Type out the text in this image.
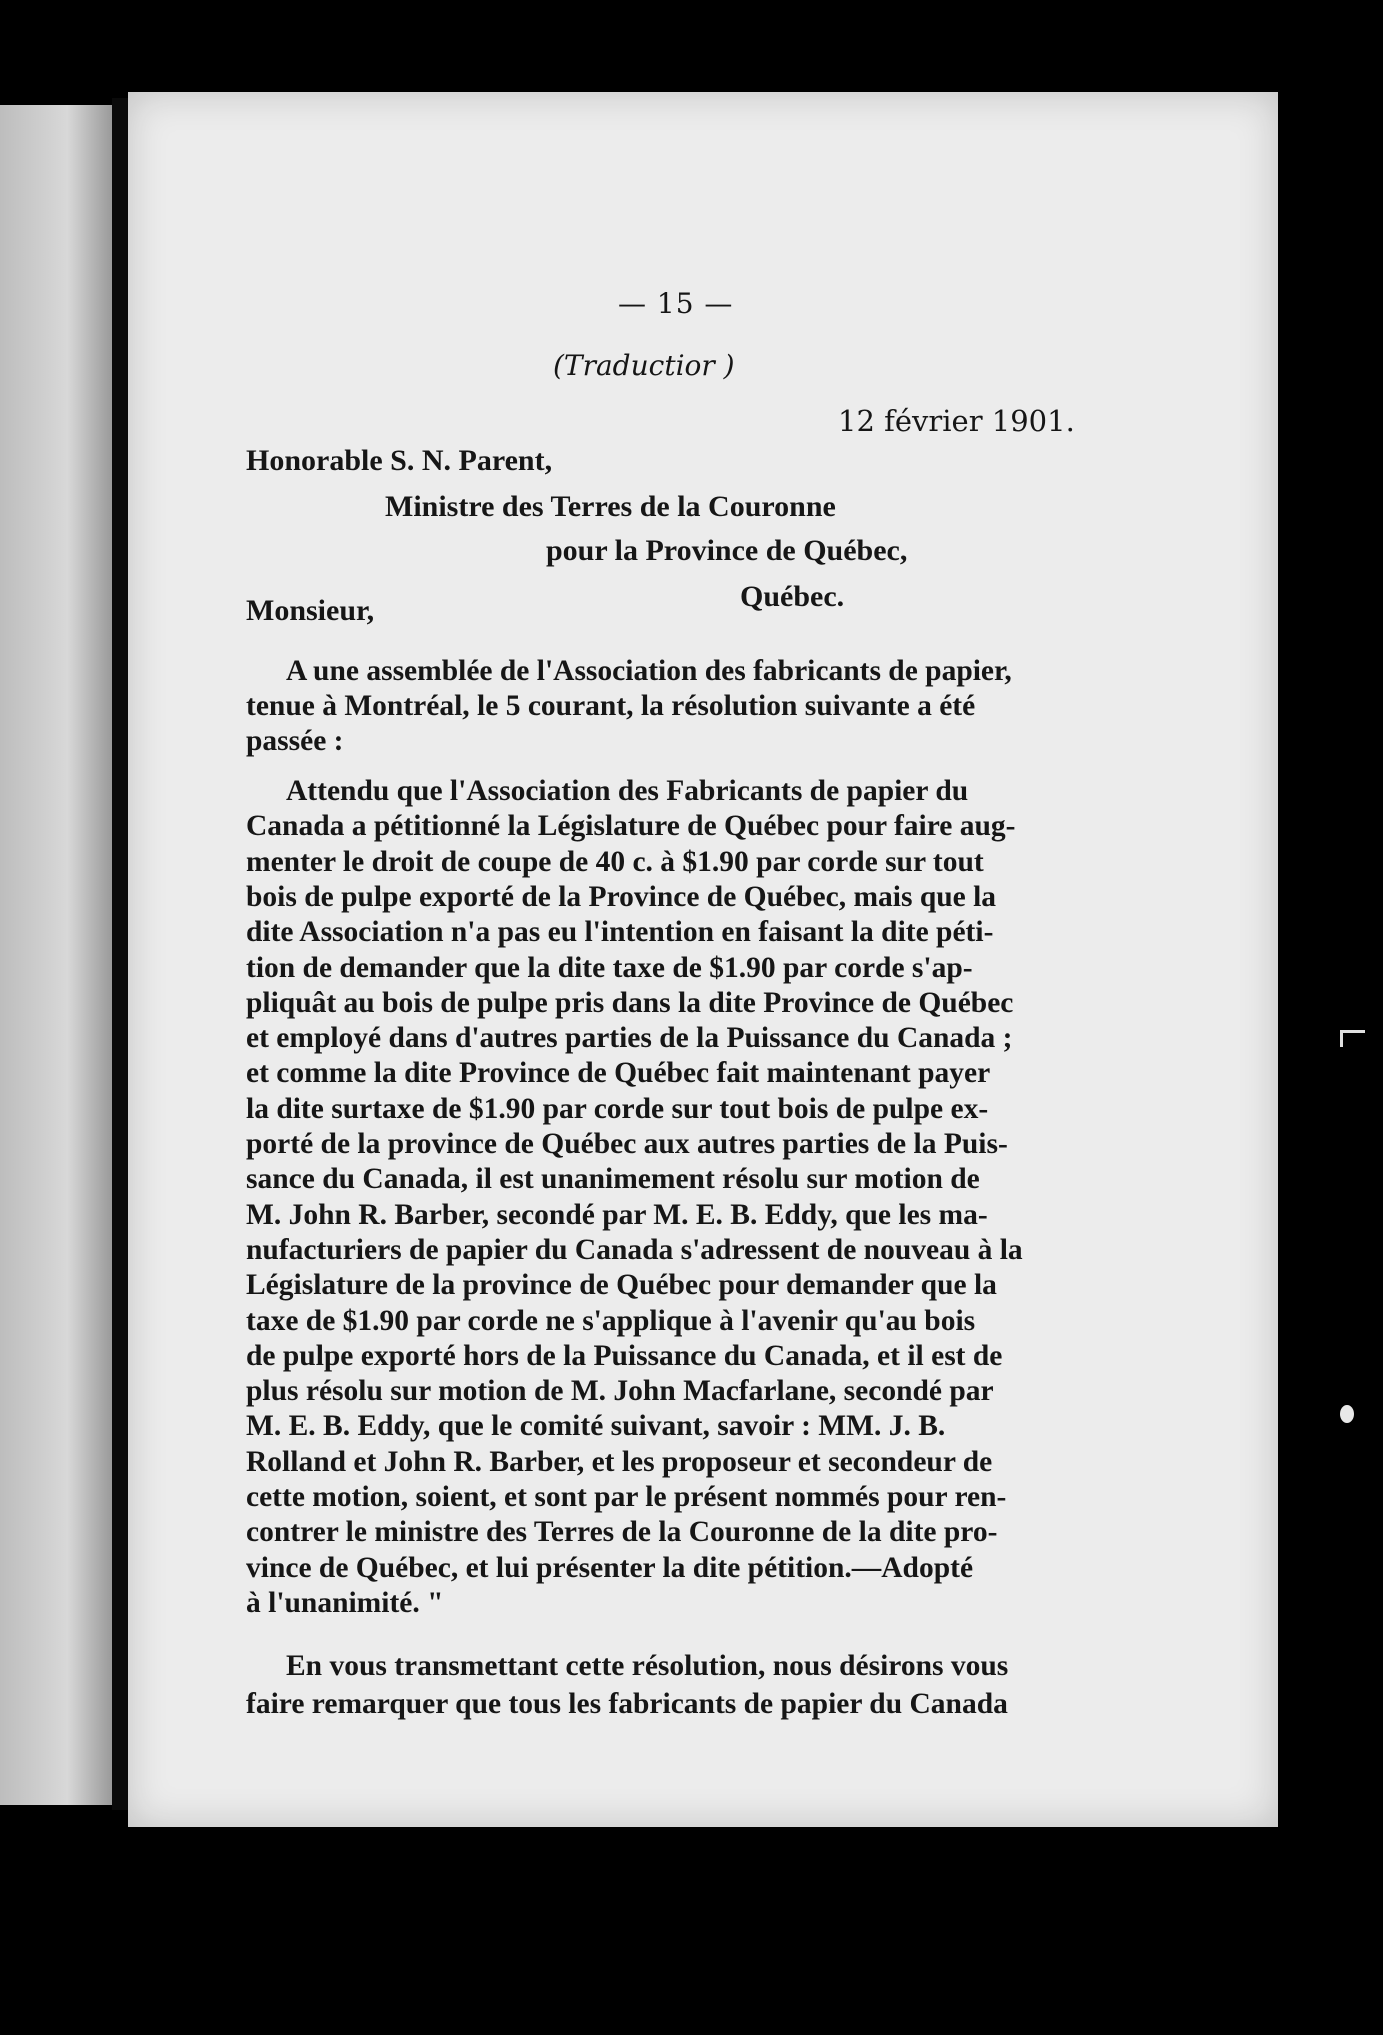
— 15 —

(Traductior )

12 février 1901.

Honorable S. N. Parent,

Ministre des Terres de la Couronne

pour la Province de Québec,

Québec.

Monsieur,

A une assemblée de l'Association des fabricants de papier,

tenue à Montréal, le 5 courant, la résolution suivante a été

passée :

Attendu que l'Association des Fabricants de papier du

Canada a pétitionné la Législature de Québec pour faire aug-

menter le droit de coupe de 40 c. à $1.90 par corde sur tout

bois de pulpe exporté de la Province de Québec, mais que la

dite Association n'a pas eu l'intention en faisant la dite péti-

tion de demander que la dite taxe de $1.90 par corde s'ap-

pliquât au bois de pulpe pris dans la dite Province de Québec

et employé dans d'autres parties de la Puissance du Canada ;

et comme la dite Province de Québec fait maintenant payer

la dite surtaxe de $1.90 par corde sur tout bois de pulpe ex-

porté de la province de Québec aux autres parties de la Puis-

sance du Canada, il est unanimement résolu sur motion de

M. John R. Barber, secondé par M. E. B. Eddy, que les ma-

nufacturiers de papier du Canada s'adressent de nouveau à la

Législature de la province de Québec pour demander que la

taxe de $1.90 par corde ne s'applique à l'avenir qu'au bois

de pulpe exporté hors de la Puissance du Canada, et il est de

plus résolu sur motion de M. John Macfarlane, secondé par

M. E. B. Eddy, que le comité suivant, savoir : MM. J. B.

Rolland et John R. Barber, et les proposeur et secondeur de

cette motion, soient, et sont par le présent nommés pour ren-

contrer le ministre des Terres de la Couronne de la dite pro-

vince de Québec, et lui présenter la dite pétition.—Adopté

à l'unanimité. "

En vous transmettant cette résolution, nous désirons vous

faire remarquer que tous les fabricants de papier du Canada
